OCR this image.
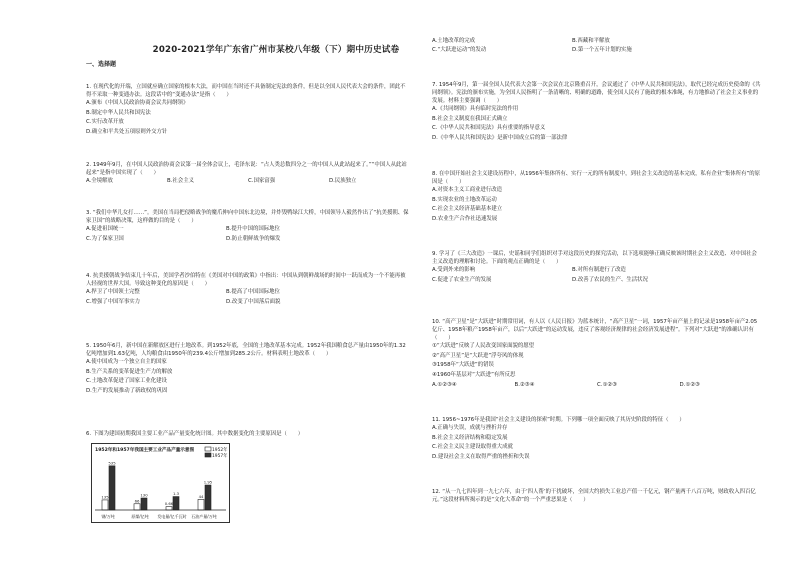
2020-2021学年广东省广州市某校八年级（下）期中历史试卷
一、选择题

1. 在现代化的开端，立国就应确立国家的根本大法，而中国在当时还不具备制定宪法的条件，但是以全国人民代表大会的条件，团此不得不采取一种变通办法。这段话中的“变通办法”是指（　　）

A.颁布《中国人民政治协商会议共同纲领》
B.制定中华人民共和国宪法
C.实行改革开放
D.确立和平共处五项原则外交方针

2. 1949年9月，在中国人民政治协商会议第一届全体会议上，毛泽东说：“占人类总数四分之一的中国人从此站起来了。”“中国人从此站起来”是指中国实现了（　　）

A.全境解放	B.社会主义	C.国家富强	D.民族独立

3. “我们中华儿女打……”。美国在当局把侵略战争的魔爪伸向中国东北边境，并炸毁鸭绿江大桥，中国领导人毅然作出了“抗美援朝、保家卫国”的战略决策，这样做的目的是（　　）

A.促进祖国统一	B.提升中国的国际地位
C.为了保家卫国	D.防止朝鲜战争的爆发

4. 抗美援朝战争结束几十年后，美国学者沙伯特在《美国对中国的政策》中指出：中国从到朝鲜战场的时间中一跃而成为一个不能再被人轻视的世界大国。导致这种变化的原因是（　　）

A.捍卫了中国领土完整	B.提高了中国国际地位
C.增强了中国军事实力	D.改变了中国落后面貌

5. 1950年6月，新中国在新解放区进行土地改革。到1952年底，全国的土地改革基本完成。1952年我国粮食总产量由1950年的1.32亿吨增加到1.63亿吨，人均粮食由1950年的239.4公斤增加到285.2公斤。材料表明土地改革（　　）

A.使中国成为一个独立自主的国家
B.生产关系的变革促进生产力的解放
C.土地改革促进了国家工业化建设
D.生产的发展推动了新政权的巩固

6. 下图为建国初期我国主要工业产品产量变化统计图。其中数据变化的主要原因是（　　）

1952年和1957年我国主要工业产品产量示意图	1952年
1957年
135
535
钢/万吨
66
130
原煤/亿吨
0.66
1.3
发电量/亿千瓦时
44
1.95
石油产量/万吨
A.土地改革的完成	B.西藏和平解放
C.“大跃进运动”的发动	D.第一个五年计划的实施

7. 1954年9月，第一届全国人民代表大会第一次会议在北京隆重召开，会议通过了《中华人民共和国宪法》，取代已经完成历史使命的《共同纲领》。宪法的颁布实施，为全国人民指明了一条清晰的、明确的道路，使全国人民有了施政的根本准绳，有力地推动了社会主义事业的发展。材料主要强调（　　）

A.《共同纲领》具有临时宪法的作用
B.社会主义制度在我国正式确立
C.《中华人民共和国宪法》具有重要的指导意义
D.《中华人民共和国宪法》是新中国成立后的第一部法律

8. 在中国开始社会主义建设历程中，从1956年集体所有、实行一元的所有制度中，到社会主义改造的基本完成，私有企业“集体所有”的原因是（　　）

A.对资本主义工商业进行改造
B.实现农业的土地改革运动
C.社会主义经济基础基本建立
D.农业生产合作社迅速发展

9. 学习了《三大改造》一课后，史谣和同学们组织对手对这段历史的探究活动，以下选项能够正确反映该时期社会主义改造、对中国社会主义改造的理解和讨论。下面的观点正确的是（　　）

A.受到外来的影响	B.对所有制进行了改造
C.促进了农业生产的发展	D.改善了农民的生产、生活状况

10. “高产卫星”是“大跃进”时期常用词，有人以《人民日报》为蓝本统计，“高产卫星”一词，1957年亩产量上的记录是1958年亩产2.05亿斤、1958年粮产1958年亩产，以后“大跃进”的运动发展，违反了客观经济规律的社会经济发展进程”。下列对“大跃进”的准确认识有（　　）

①“大跃进”反映了人民改变国家面貌的愿望
②“高产卫星”是“大跃进”浮夸风的体现
③1958年“大跃进”的错误
④1960年基层对“大跃进”有所反思
A.①②③④	B.②③④	C.①②③	D.①②③

11. 1956~1976年是我国“社会主义建设的探索”时期。下列哪一项全面反映了其历史阶段的特征（　　）

A.正确与失误，成就与挫折并存
B.社会主义经济结构和稳定发展
C.社会主义民主建设取得重大成就
D.建设社会主义在取得严重的挫折和失误

12. “从一九七四年到一九七六年，由于‘四人帮’的干扰破坏，全国大约损失工业总产值一千亿元，钢产量两千八百万吨，财政收入四百亿元。”这段材料所揭示的是“文化大革命”的一个严重恶果是（　　）
